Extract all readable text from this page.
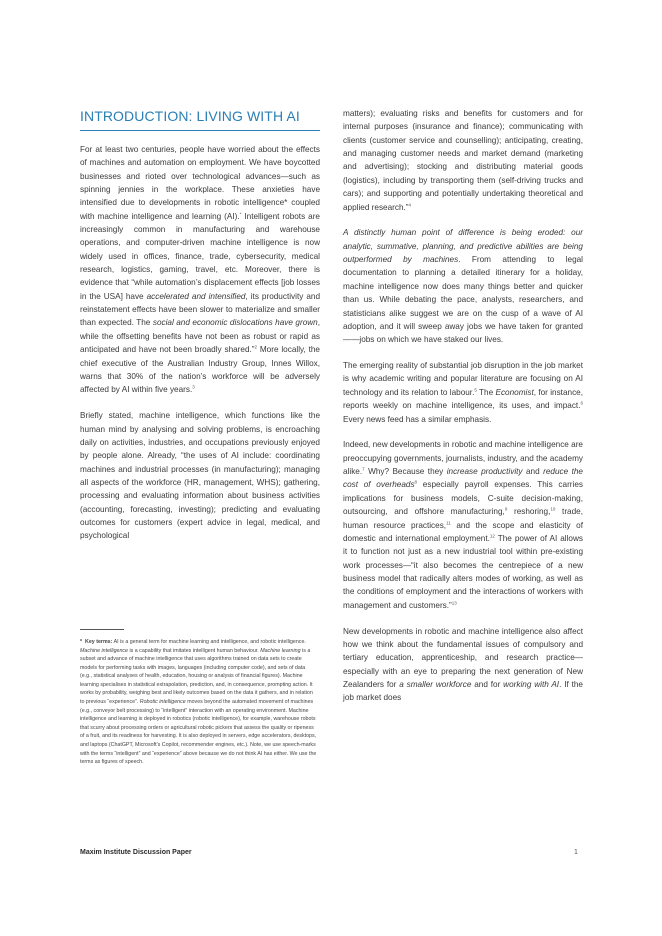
INTRODUCTION: LIVING WITH AI

For at least two centuries, people have worried about the effects of machines and automation on employment. We have boycotted businesses and rioted over technological advances—such as spinning jennies in the workplace. These anxieties have intensified due to developments in robotic intelligence* coupled with machine intelligence and learning (AI).* Intelligent robots are increasingly common in manufacturing and warehouse operations, and computer-driven machine intelligence is now widely used in offices, finance, trade, cybersecurity, medical research, logistics, gaming, travel, etc. Moreover, there is evidence that “while automation’s displacement effects [job losses in the USA] have accelerated and intensified, its productivity and reinstatement effects have been slower to materialize and smaller than expected. The social and economic dislocations have grown, while the offsetting benefits have not been as robust or rapid as anticipated and have not been broadly shared.”$^2$ More locally, the chief executive of the Australian Industry Group, Innes Willox, warns that 30% of the nation’s workforce will be adversely affected by AI within five years.$^3$

Briefly stated, machine intelligence, which functions like the human mind by analysing and solving problems, is encroaching daily on activities, industries, and occupations previously enjoyed by people alone. Already, “the uses of AI include: coordinating machines and industrial processes (in manufacturing); managing all aspects of the workforce (HR, management, WHS); gathering, processing and evaluating information about business activities (accounting, forecasting, investing); predicting and evaluating outcomes for customers (expert advice in legal, medical, and psychological

* Key terms: AI is a general term for machine learning and intelligence, and robotic intelligence. Machine intelligence is a capability that imitates intelligent human behaviour. Machine learning is a subset and advance of machine intelligence that uses algorithms trained on data sets to create models for performing tasks with images, languages (including computer code), and sets of data (e.g., statistical analyses of health, education, housing or analysis of financial figures). Machine learning specialises in statistical extrapolation, prediction, and, in consequence, prompting action. It works by probability, weighing best and likely outcomes based on the data it gathers, and in relation to previous “experience”. Robotic intelligence moves beyond the automated movement of machines (e.g., conveyor belt processing) to “intelligent” interaction with an operating environment. Machine intelligence and learning is deployed in robotics (robotic intelligence), for example, warehouse robots that scurry about processing orders or agricultural robotic pickers that assess the quality or ripeness of a fruit, and its readiness for harvesting. It is also deployed in servers, edge accelerators, desktops, and laptops (ChatGPT, Microsoft’s Copilot, recommender engines, etc.). Note, we use speech-marks with the terms “intelligent” and “experience” above because we do not think AI has either. We use the terms as figures of speech.

matters); evaluating risks and benefits for customers and for internal purposes (insurance and finance); communicating with clients (customer service and counselling); anticipating, creating, and managing customer needs and market demand (marketing and advertising); stocking and distributing material goods (logistics), including by transporting them (self-driving trucks and cars); and supporting and potentially undertaking theoretical and applied research.”$^4$

A distinctly human point of difference is being eroded: our analytic, summative, planning, and predictive abilities are being outperformed by machines. From attending to legal documentation to planning a detailed itinerary for a holiday, machine intelligence now does many things better and quicker than us. While debating the pace, analysts, researchers, and statisticians alike suggest we are on the cusp of a wave of AI adoption, and it will sweep away jobs we have taken for granted——jobs on which we have staked our lives.

The emerging reality of substantial job disruption in the job market is why academic writing and popular literature are focusing on AI technology and its relation to labour.$^5$ The Economist, for instance, reports weekly on machine intelligence, its uses, and impact.$^6$ Every news feed has a similar emphasis.

Indeed, new developments in robotic and machine intelligence are preoccupying governments, journalists, industry, and the academy alike.$^7$ Why? Because they increase productivity and reduce the cost of overheads$^8$ especially payroll expenses. This carries implications for business models, C-suite decision-making, outsourcing, and offshore manufacturing,$^9$ reshoring,$^{10}$ trade, human resource practices,$^{11}$ and the scope and elasticity of domestic and international employment.$^{12}$ The power of AI allows it to function not just as a new industrial tool within pre-existing work processes—“it also becomes the centrepiece of a new business model that radically alters modes of working, as well as the conditions of employment and the interactions of workers with management and customers.”$^{13}$

New developments in robotic and machine intelligence also affect how we think about the fundamental issues of compulsory and tertiary education, apprenticeship, and research practice—especially with an eye to preparing the next generation of New Zealanders for a smaller workforce and for working with AI. If the job market does

Maxim Institute Discussion Paper	1
